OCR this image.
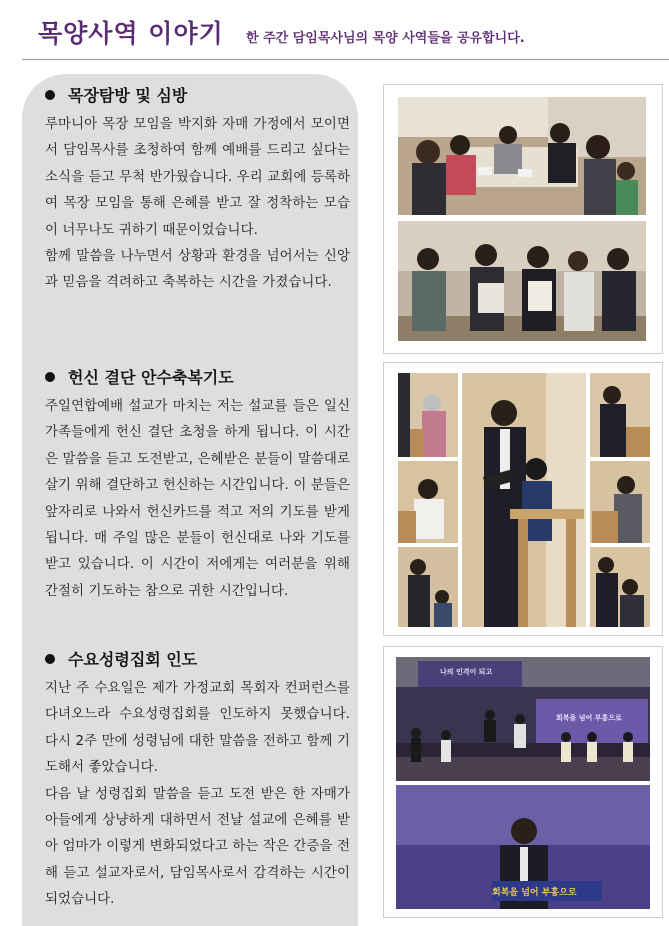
목양사역 이야기 한 주간 담임목사님의 목양 사역들을 공유합니다.
목장탐방 및 심방

루마니아 목장 모임을 박지화 자매 가정에서 모이면서 담임목사를 초청하여 함께 예배를 드리고 싶다는 소식을 듣고 무척 반가웠습니다. 우리 교회에 등록하여 목장 모임을 통해 은혜를 받고 잘 정착하는 모습이 너무나도 귀하기 때문이었습니다.

함께 말씀을 나누면서 상황과 환경을 넘어서는 신앙과 믿음을 격려하고 축복하는 시간을 가졌습니다.

헌신 결단 안수축복기도

주일연합예배 설교가 마치는 저는 설교를 들은 일신가족들에게 헌신 결단 초청을 하게 됩니다. 이 시간은 말씀을 듣고 도전받고, 은혜받은 분들이 말씀대로 살기 위해 결단하고 헌신하는 시간입니다. 이 분들은 앞자리로 나와서 헌신카드를 적고 저의 기도를 받게 됩니다. 매 주일 많은 분들이 헌신대로 나와 기도를 받고 있습니다. 이 시간이 저에게는 여러분을 위해 간절히 기도하는 참으로 귀한 시간입니다.

수요성령집회 인도

지난 주 수요일은 제가 가정교회 목회자 컨퍼런스를 다녀오느라 수요성령집회를 인도하지 못했습니다. 다시 2주 만에 성령님에 대한 말씀을 전하고 함께 기도해서 좋았습니다.

다음 날 성령집회 말씀을 듣고 도전 받은 한 자매가 아들에게 상냥하게 대하면서 전날 설교에 은혜를 받아 엄마가 이렇게 변화되었다고 하는 작은 간증을 전해 듣고 설교자로서, 담임목사로서 감격하는 시간이 되었습니다.

나의 인격이 되고
회복을 넘어 부흥으로
회복을 넘어 부흥으로
